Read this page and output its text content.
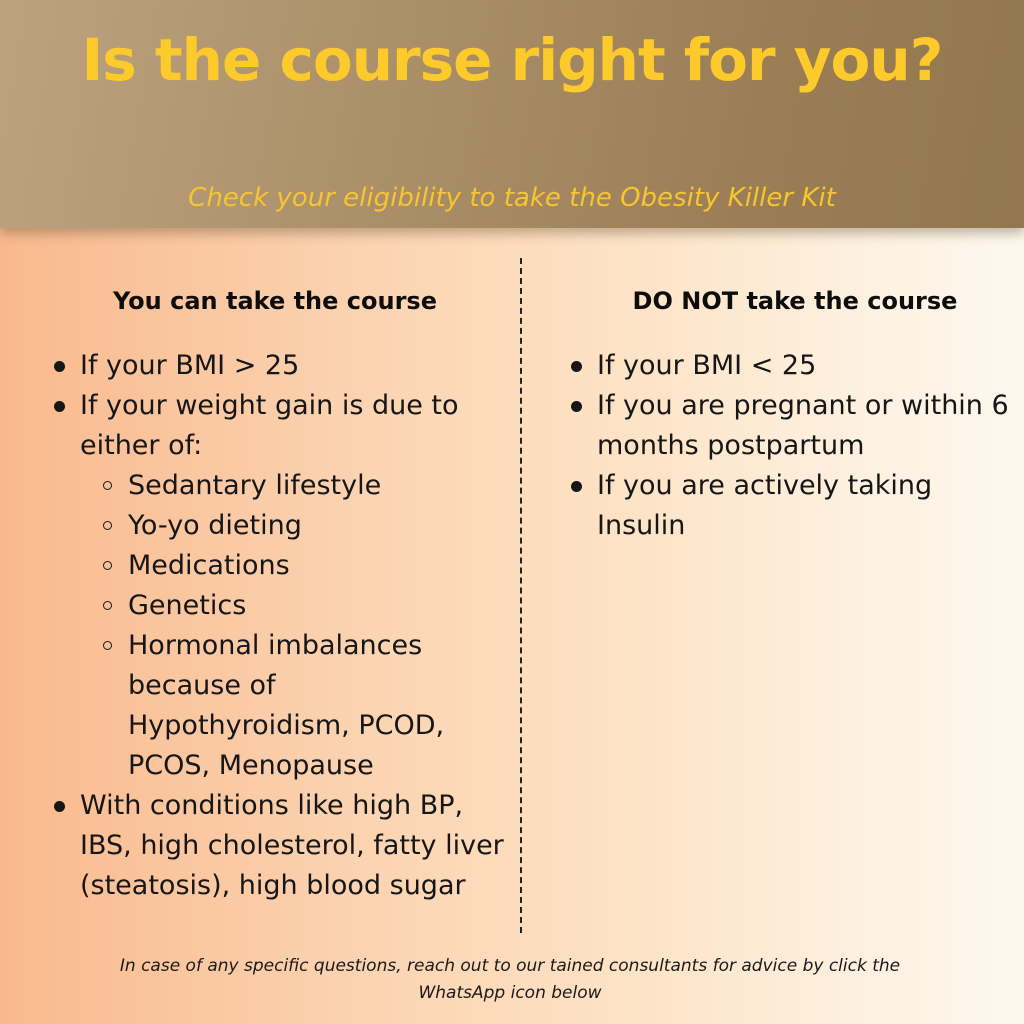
Is the course right for you?
Check your eligibility to take the Obesity Killer Kit
You can take the course	DO NOT take the course
If your BMI > 25
If your weight gain is due to either of:
Sedantary lifestyle
Yo-yo dieting
Medications
Genetics
Hormonal imbalances because of Hypothyroidism, PCOD, PCOS, Menopause
With conditions like high BP, IBS, high cholesterol, fatty liver (steatosis), high blood sugar
If your BMI < 25
If you are pregnant or within 6 months postpartum
If you are actively taking Insulin
In case of any specific questions, reach out to our tained consultants for advice by click the WhatsApp icon below
